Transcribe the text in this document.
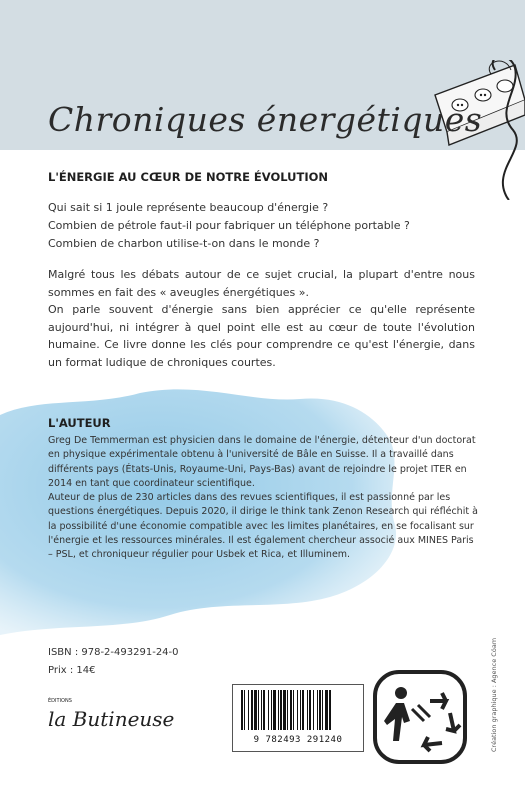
Chroniques énergétiques
L'ÉNERGIE AU CŒUR DE NOTRE ÉVOLUTION
Qui sait si 1 joule représente beaucoup d'énergie ?
Combien de pétrole faut-il pour fabriquer un téléphone portable ?
Combien de charbon utilise-t-on dans le monde ?

Malgré tous les débats autour de ce sujet crucial, la plupart d'entre nous sommes en fait des « aveugles énergétiques ».

On parle souvent d'énergie sans bien apprécier ce qu'elle représente aujourd'hui, ni intégrer à quel point elle est au cœur de toute l'évolution humaine. Ce livre donne les clés pour comprendre ce qu'est l'énergie, dans un format ludique de chroniques courtes.

L'AUTEUR

Greg De Temmerman est physicien dans le domaine de l'énergie, détenteur d'un doctorat en physique expérimentale obtenu à l'université de Bâle en Suisse. Il a travaillé dans différents pays (États-Unis, Royaume-Uni, Pays-Bas) avant de rejoindre le projet ITER en 2014 en tant que coordinateur scientifique.

Auteur de plus de 230 articles dans des revues scientifiques, il est passionné par les questions énergétiques. Depuis 2020, il dirige le think tank Zenon Research qui réfléchit à la possibilité d'une économie compatible avec les limites planétaires, en se focalisant sur l'énergie et les ressources minérales. Il est également chercheur associé aux MINES Paris – PSL, et chroniqueur régulier pour Usbek et Rica, et Illuminem.

ISBN : 978-2-493291-24-0
Prix : 14€
ÉDITIONS
la Butineuse
9 782493 291240	Création graphique : Agence Cóam
